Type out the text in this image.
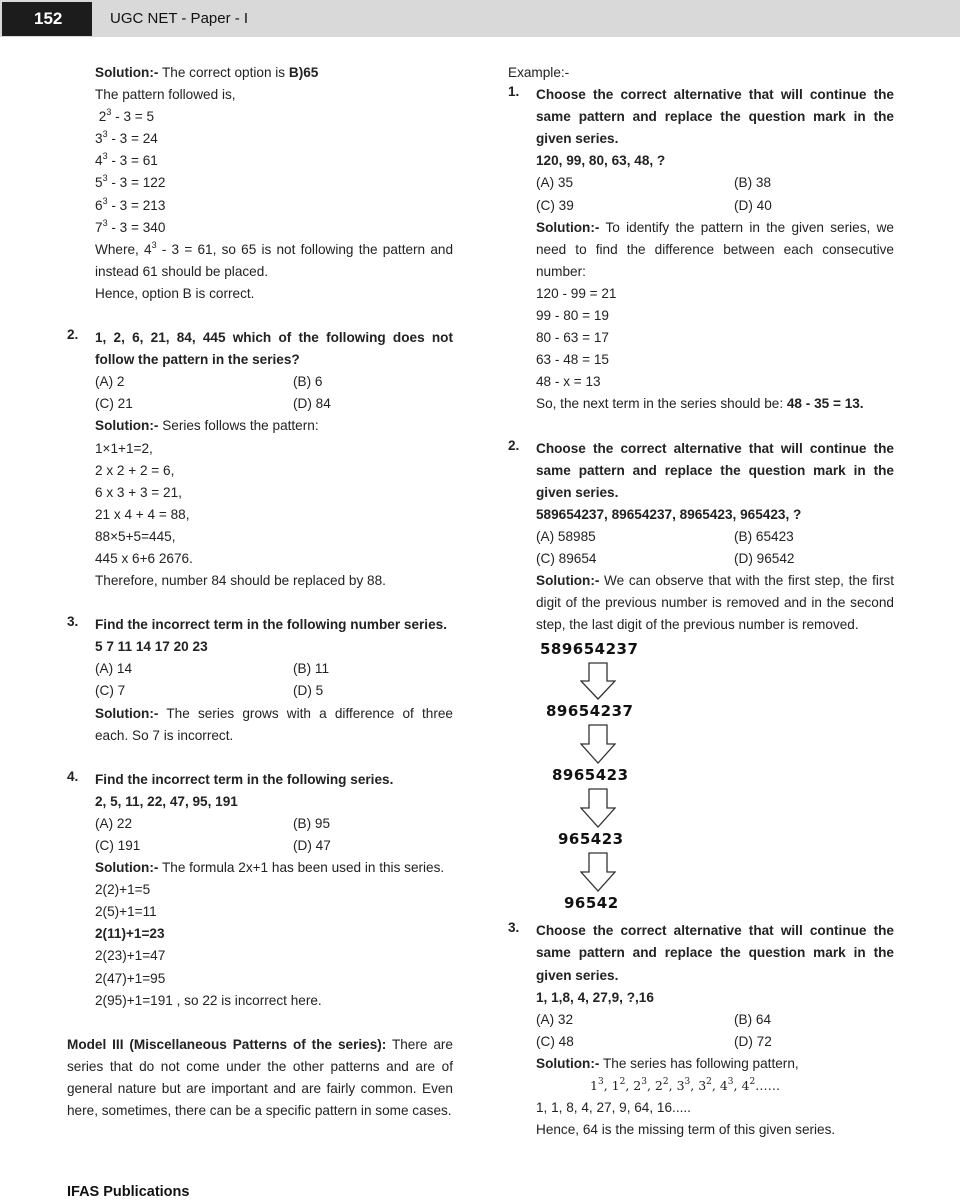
152	UGC NET - Paper - I
Solution:- The correct option is B)65
The pattern followed is,
$2^3 - 3 = 5$
$3^3 - 3 = 24$
$4^3 - 3 = 61$
$5^3 - 3 = 122$
$6^3 - 3 = 213$
$7^3 - 3 = 340$
Where, $4^3 - 3 = 61$, so 65 is not following the pattern and instead 61 should be placed.
Hence, option B is correct.
2.	1, 2, 6, 21, 84, 445 which of the following does not follow the pattern in the series?
(A) 2	(B) 6
(C) 21	(D) 84
Solution:- Series follows the pattern:
1×1+1=2,
2 x 2 + 2 = 6,
6 x 3 + 3 = 21,
21 x 4 + 4 = 88,
88×5+5=445,
445 x 6+6 2676.
Therefore, number 84 should be replaced by 88.
3.	Find the incorrect term in the following number series.
5 7 11 14 17 20 23
(A) 14	(B) 11
(C) 7	(D) 5
Solution:- The series grows with a difference of three each. So 7 is incorrect.
4.	Find the incorrect term in the following series.
2, 5, 11, 22, 47, 95, 191
(A) 22	(B) 95
(C) 191	(D) 47
Solution:- The formula 2x+1 has been used in this series.
2(2)+1=5
2(5)+1=11
2(11)+1=23
2(23)+1=47
2(47)+1=95
2(95)+1=191 , so 22 is incorrect here.
Model III (Miscellaneous Patterns of the series): There are series that do not come under the other patterns and are of general nature but are important and are fairly common. Even here, sometimes, there can be a specific pattern in some cases.
Example:-
1.	Choose the correct alternative that will continue the same pattern and replace the question mark in the given series.
120, 99, 80, 63, 48, ?
(A) 35	(B) 38
(C) 39	(D) 40
Solution:- To identify the pattern in the given series, we need to find the difference between each consecutive number:
120 - 99 = 21
99 - 80 = 19
80 - 63 = 17
63 - 48 = 15
48 - x = 13
So, the next term in the series should be: 48 - 35 = 13.
2.	Choose the correct alternative that will continue the same pattern and replace the question mark in the given series.
589654237, 89654237, 8965423, 965423, ?
(A) 58985	(B) 65423
(C) 89654	(D) 96542
Solution:- We can observe that with the first step, the first digit of the previous number is removed and in the second step, the last digit of the previous number is removed.
589654237
89654237
8965423
965423
96542
3.	Choose the correct alternative that will continue the same pattern and replace the question mark in the given series.
1, 1,8, 4, 27,9, ?,16
(A) 32	(B) 64
(C) 48	(D) 72
Solution:- The series has following pattern,
$1^3$, $1^2$, $2^3$, $2^2$, $3^3$, $3^2$, $4^3$, $4^2\dots\dots$
1, 1, 8, 4, 27, 9, 64, 16.....
Hence, 64 is the missing term of this given series.
IFAS Publications
